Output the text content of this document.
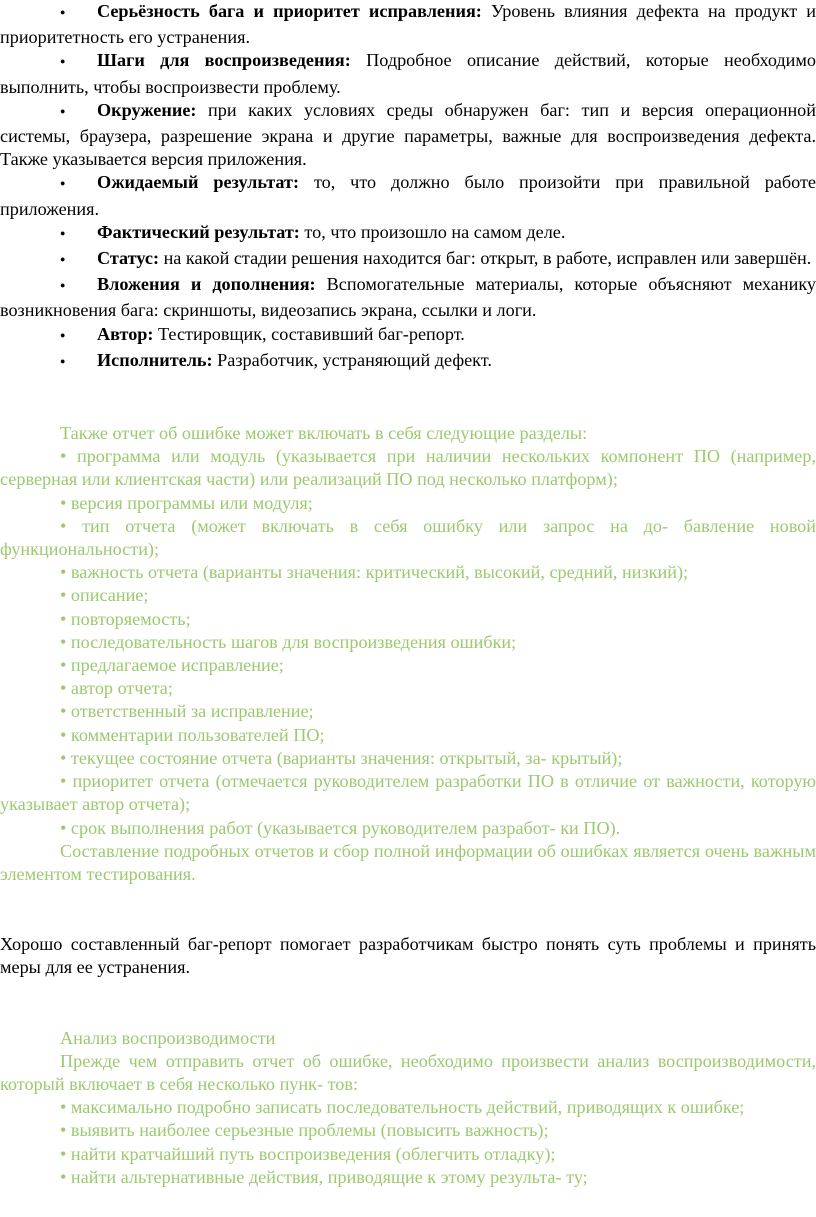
●Серьёзность бага и приоритет исправления: Уровень влияния дефекта на продукт и приоритетность его устранения.

●Шаги для воспроизведения: Подробное описание действий, которые необходимо выполнить, чтобы воспроизвести проблему.

●Окружение: при каких условиях среды обнаружен баг: тип и версия операционной системы, браузера, разрешение экрана и другие параметры, важные для воспроизведения дефекта. Также указывается версия приложения.

●Ожидаемый результат: то, что должно было произойти при правильной работе приложения.

●Фактический результат: то, что произошло на самом деле.

●Статус: на какой стадии решения находится баг: открыт, в работе, исправлен или завершён.

●Вложения и дополнения: Вспомогательные материалы, которые объясняют механику возникновения бага: скриншоты, видеозапись экрана, ссылки и логи.

●Автор: Тестировщик, составивший баг-репорт.

●Исполнитель: Разработчик, устраняющий дефект.

Также отчет об ошибке может включать в себя следующие разделы:

• программа или модуль (указывается при наличии нескольких компонент ПО (например, серверная или клиентская части) или реализаций ПО под несколько платформ);

• версия программы или модуля;

• тип отчета (может включать в себя ошибку или запрос на до- бавление новой функциональности);

• важность отчета (варианты значения: критический, высокий, средний, низкий);

• описание;

• повторяемость;

• последовательность шагов для воспроизведения ошибки;

• предлагаемое исправление;

• автор отчета;

• ответственный за исправление;

• комментарии пользователей ПО;

• текущее состояние отчета (варианты значения: открытый, за- крытый);

• приоритет отчета (отмечается руководителем разработки ПО в отличие от важности, которую указывает автор отчета);

• срок выполнения работ (указывается руководителем разработ- ки ПО).

Составление подробных отчетов и сбор полной информации об ошибках является очень важным элементом тестирования.

Хорошо составленный баг-репорт помогает разработчикам быстро понять суть проблемы и принять меры для ее устранения.

Анализ воспроизводимости

Прежде чем отправить отчет об ошибке, необходимо произвести анализ воспроизводимости, который включает в себя несколько пунк- тов:

• максимально подробно записать последовательность действий, приводящих к ошибке;

• выявить наиболее серьезные проблемы (повысить важность);

• найти кратчайший путь воспроизведения (облегчить отладку);

• найти альтернативные действия, приводящие к этому результа- ту;
